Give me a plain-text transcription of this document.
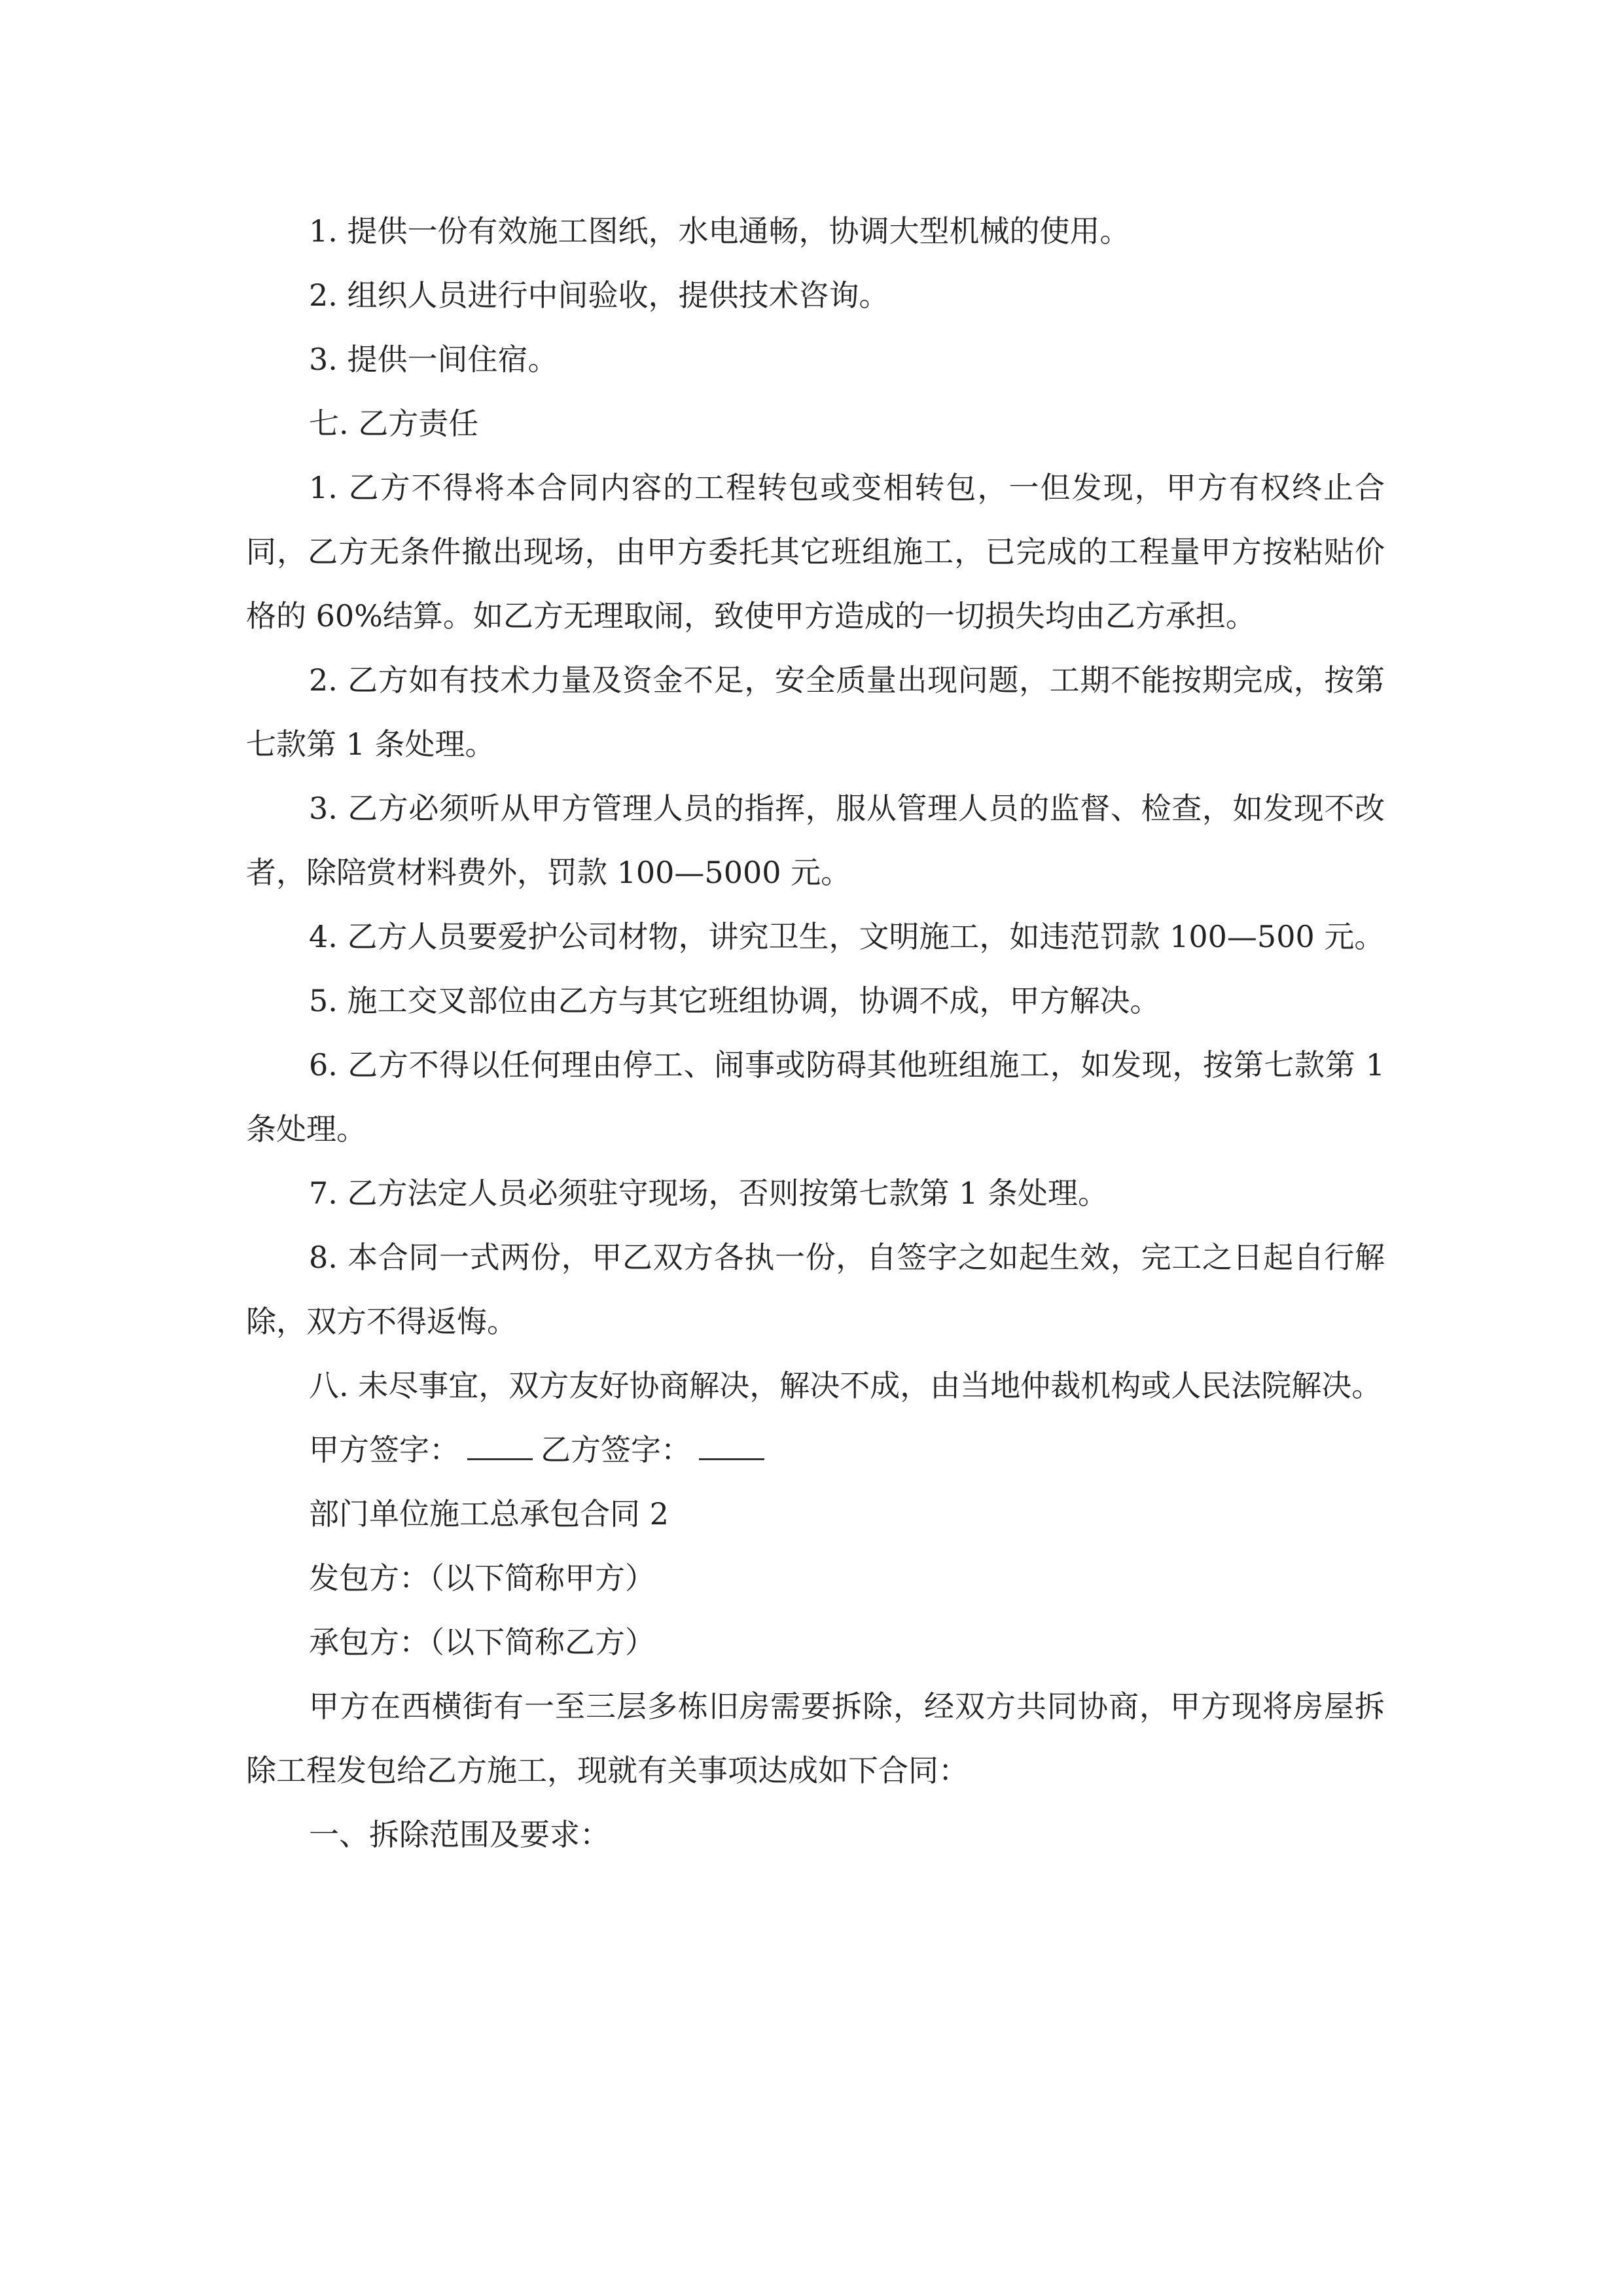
1. 提供一份有效施工图纸，水电通畅，协调大型机械的使用。

2. 组织人员进行中间验收，提供技术咨询。

3. 提供一间住宿。

七. 乙方责任

1. 乙方不得将本合同内容的工程转包或变相转包，一但发现，甲方有权终止合同，乙方无条件撤出现场，由甲方委托其它班组施工，已完成的工程量甲方按粘贴价格的 60%结算。如乙方无理取闹，致使甲方造成的一切损失均由乙方承担。

2. 乙方如有技术力量及资金不足，安全质量出现问题，工期不能按期完成，按第七款第 1 条处理。

3. 乙方必须听从甲方管理人员的指挥，服从管理人员的监督、检查，如发现不改者，除陪赏材料费外，罚款 100—5000 元。

4. 乙方人员要爱护公司材物，讲究卫生，文明施工，如违范罚款 100—500 元。

5. 施工交叉部位由乙方与其它班组协调，协调不成，甲方解决。

6. 乙方不得以任何理由停工、闹事或防碍其他班组施工，如发现，按第七款第 1 条处理。

7. 乙方法定人员必须驻守现场，否则按第七款第 1 条处理。

8. 本合同一式两份，甲乙双方各执一份，自签字之如起生效，完工之日起自行解除，双方不得返悔。

八. 未尽事宜，双方友好协商解决，解决不成，由当地仲裁机构或人民法院解决。

甲方签字：	乙方签字：

部门单位施工总承包合同 2

发包方：（以下简称甲方）

承包方：（以下简称乙方）

甲方在西横街有一至三层多栋旧房需要拆除，经双方共同协商，甲方现将房屋拆除工程发包给乙方施工，现就有关事项达成如下合同：

一、拆除范围及要求：
